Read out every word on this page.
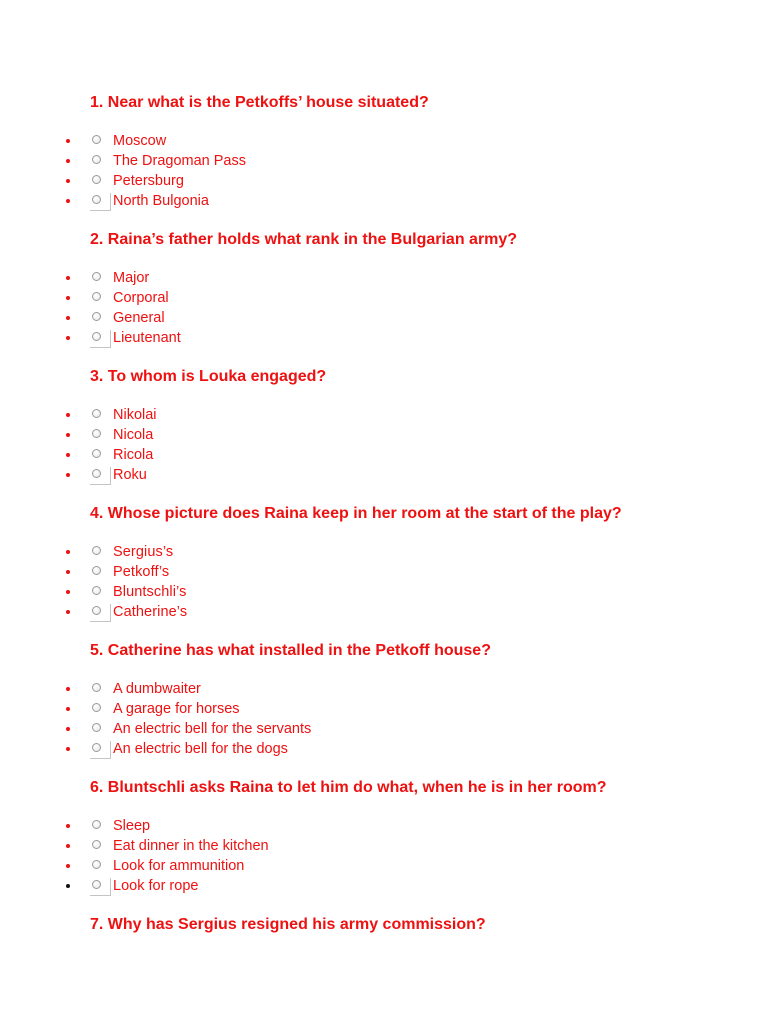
1. Near what is the Petkoffs’ house situated?
Moscow
The Dragoman Pass
Petersburg
North Bulgonia
2. Raina’s father holds what rank in the Bulgarian army?
Major
Corporal
General
Lieutenant
3. To whom is Louka engaged?
Nikolai
Nicola
Ricola
Roku
4. Whose picture does Raina keep in her room at the start of the play?
Sergius’s
Petkoff’s
Bluntschli’s
Catherine’s
5. Catherine has what installed in the Petkoff house?
A dumbwaiter
A garage for horses
An electric bell for the servants
An electric bell for the dogs
6. Bluntschli asks Raina to let him do what, when he is in her room?
Sleep
Eat dinner in the kitchen
Look for ammunition
Look for rope
7. Why has Sergius resigned his army commission?
